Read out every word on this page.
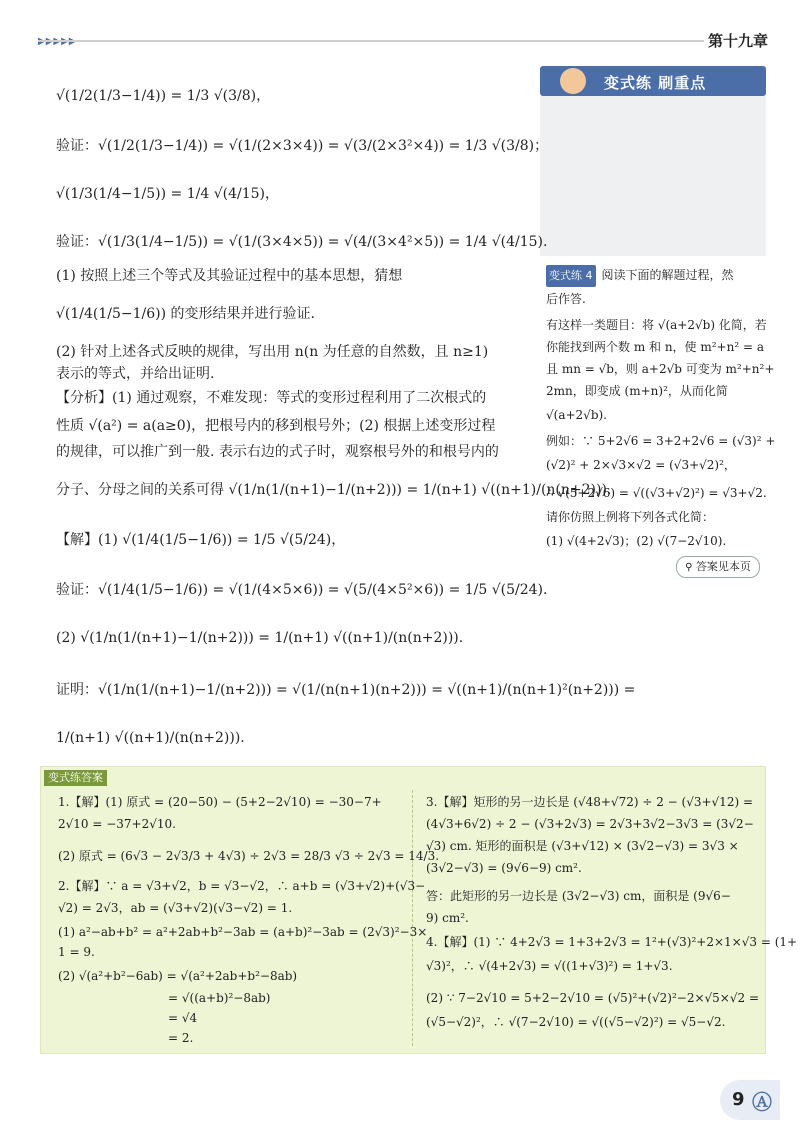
第十九章
变式练 刷重点
√(1/2(1/3−1/4)) = 1/3 √(3/8)，
验证：√(1/2(1/3−1/4)) = √(1/(2×3×4)) = √(3/(2×3²×4)) = 1/3 √(3/8)；
√(1/3(1/4−1/5)) = 1/4 √(4/15)，
验证：√(1/3(1/4−1/5)) = √(1/(3×4×5)) = √(4/(3×4²×5)) = 1/4 √(4/15).
(1) 按照上述三个等式及其验证过程中的基本思想，猜想
√(1/4(1/5−1/6)) 的变形结果并进行验证.
(2) 针对上述各式反映的规律，写出用 n(n 为任意的自然数，且 n≥1)
表示的等式，并给出证明.
【分析】(1) 通过观察，不难发现：等式的变形过程利用了二次根式的
性质 √(a²) = a(a≥0)，把根号内的移到根号外；(2) 根据上述变形过程
的规律，可以推广到一般. 表示右边的式子时，观察根号外的和根号内的
分子、分母之间的关系可得 √(1/n(1/(n+1)−1/(n+2))) = 1/(n+1) √((n+1)/(n(n+2))).
【解】(1) √(1/4(1/5−1/6)) = 1/5 √(5/24)，
验证：√(1/4(1/5−1/6)) = √(1/(4×5×6)) = √(5/(4×5²×6)) = 1/5 √(5/24).
(2) √(1/n(1/(n+1)−1/(n+2))) = 1/(n+1) √((n+1)/(n(n+2))).
证明：√(1/n(1/(n+1)−1/(n+2))) = √(1/(n(n+1)(n+2))) = √((n+1)/(n(n+1)²(n+2))) =
1/(n+1) √((n+1)/(n(n+2))).
变式练 4 阅读下面的解题过程，然
后作答.
有这样一类题目：将 √(a+2√b) 化简，若
你能找到两个数 m 和 n，使 m²+n² = a
且 mn = √b，则 a+2√b 可变为 m²+n²+
2mn，即变成 (m+n)²，从而化简
√(a+2√b).
例如：∵ 5+2√6 = 3+2+2√6 = (√3)² +
(√2)² + 2×√3×√2 = (√3+√2)²，
∴ √(5+2√6) = √((√3+√2)²) = √3+√2.
请你仿照上例将下列各式化简：
(1) √(4+2√3)；(2) √(7−2√10).
⚲ 答案见本页
变式练答案
1.【解】(1) 原式 = (20−50) − (5+2−2√10) = −30−7+
2√10 = −37+2√10.
(2) 原式 = (6√3 − 2√3/3 + 4√3) ÷ 2√3 = 28/3 √3 ÷ 2√3 = 14/3.
2.【解】∵ a = √3+√2，b = √3−√2，∴ a+b = (√3+√2)+(√3−
√2) = 2√3，ab = (√3+√2)(√3−√2) = 1.
(1) a²−ab+b² = a²+2ab+b²−3ab = (a+b)²−3ab = (2√3)²−3×
1 = 9.
(2) √(a²+b²−6ab) = √(a²+2ab+b²−8ab)
= √((a+b)²−8ab)
= √4
= 2.
3.【解】矩形的另一边长是 (√48+√72) ÷ 2 − (√3+√12) =
(4√3+6√2) ÷ 2 − (√3+2√3) = 2√3+3√2−3√3 = (3√2−
√3) cm. 矩形的面积是 (√3+√12) × (3√2−√3) = 3√3 ×
(3√2−√3) = (9√6−9) cm².
答：此矩形的另一边长是 (3√2−√3) cm，面积是 (9√6−
9) cm².
4.【解】(1) ∵ 4+2√3 = 1+3+2√3 = 1²+(√3)²+2×1×√3 = (1+
√3)²，∴ √(4+2√3) = √((1+√3)²) = 1+√3.
(2) ∵ 7−2√10 = 5+2−2√10 = (√5)²+(√2)²−2×√5×√2 =
(√5−√2)²，∴ √(7−2√10) = √((√5−√2)²) = √5−√2.
9 Ⓐ
